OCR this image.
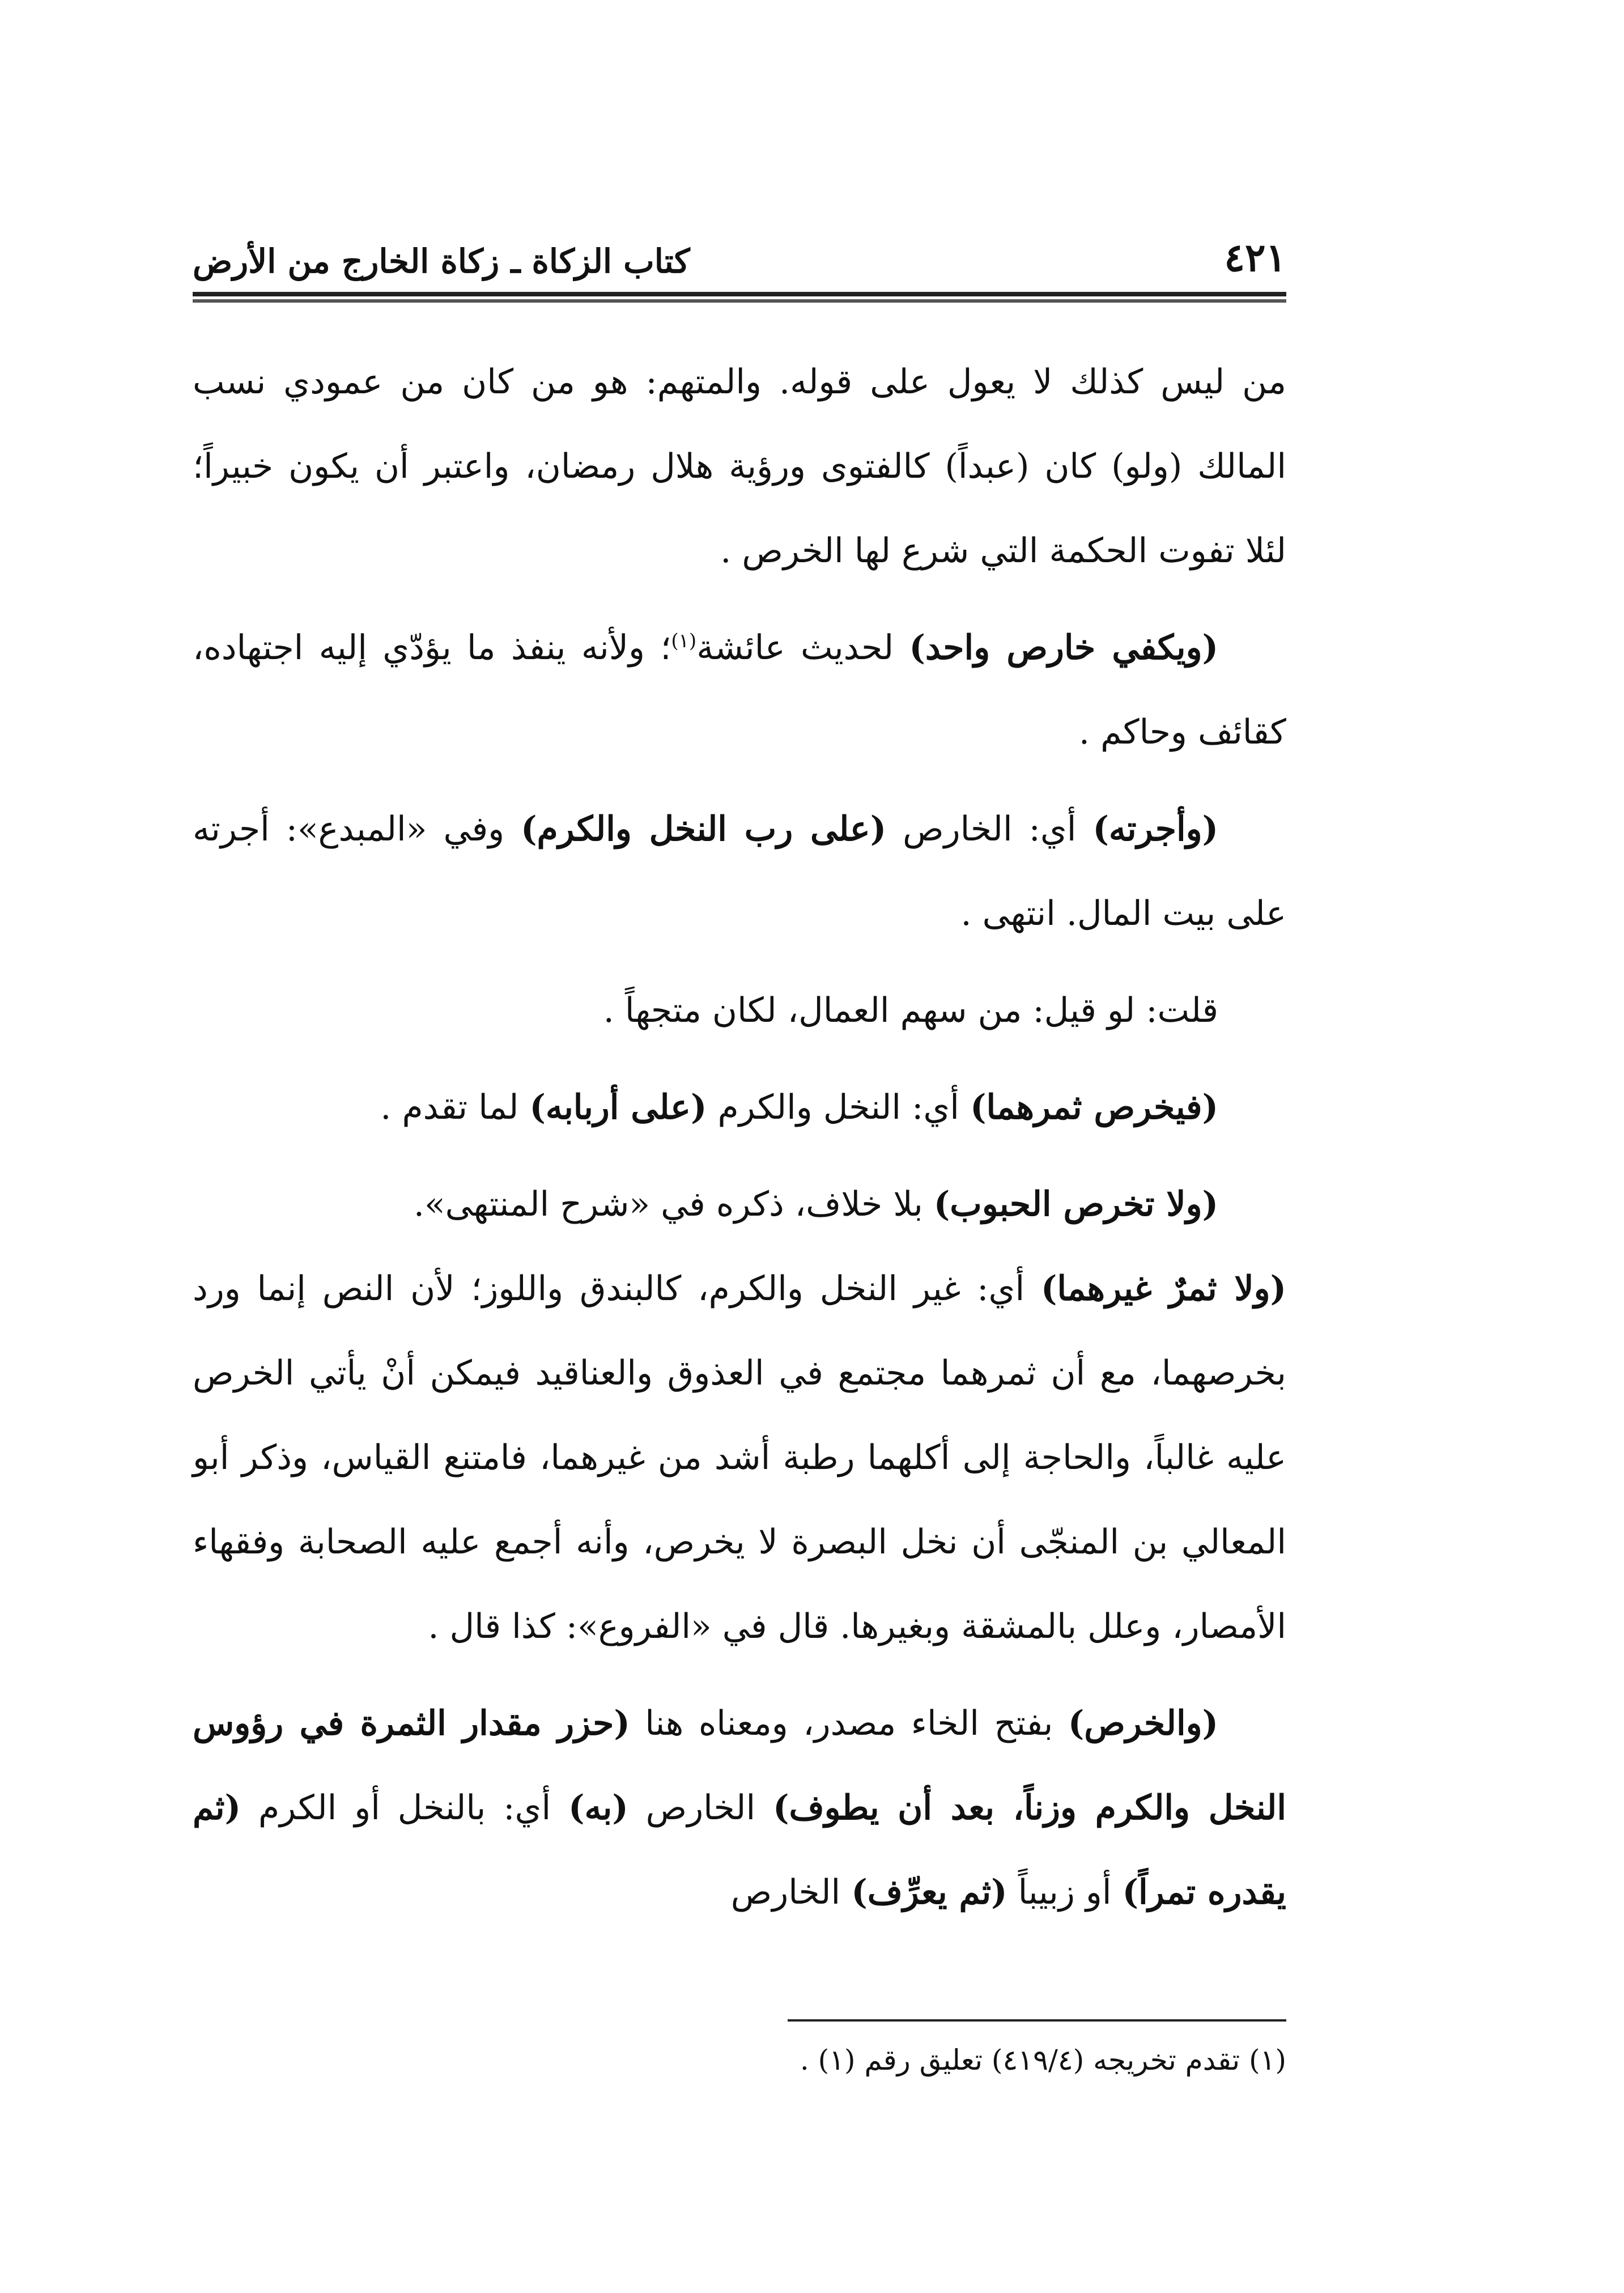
٤٢١
كتاب الزكاة ـ زكاة الخارج من الأرض

من ليس كذلك لا يعول على قوله. والمتهم: هو من كان من عمودي نسب المالك (ولو) كان (عبداً) كالفتوى ورؤية هلال رمضان، واعتبر أن يكون خبيراً؛ لئلا تفوت الحكمة التي شرع لها الخرص .

(ويكفي خارص واحد) لحديث عائشة$^{(١)}$؛ ولأنه ينفذ ما يؤدّي إليه اجتهاده، كقائف وحاكم .

(وأجرته) أي: الخارص (على رب النخل والكرم) وفي «المبدع»: أجرته على بيت المال. انتهى .

قلت: لو قيل: من سهم العمال، لكان متجهاً .

(فيخرص ثمرهما) أي: النخل والكرم (على أربابه) لما تقدم .

(ولا تخرص الحبوب) بلا خلاف، ذكره في «شرح المنتهى».

(ولا ثمرٌ غيرهما) أي: غير النخل والكرم، كالبندق واللوز؛ لأن النص إنما ورد بخرصهما، مع أن ثمرهما مجتمع في العذوق والعناقيد فيمكن أنْ يأتي الخرص عليه غالباً، والحاجة إلى أكلهما رطبة أشد من غيرهما، فامتنع القياس، وذكر أبو المعالي بن المنجّى أن نخل البصرة لا يخرص، وأنه أجمع عليه الصحابة وفقهاء الأمصار، وعلل بالمشقة وبغيرها. قال في «الفروع»: كذا قال .

(والخرص) بفتح الخاء مصدر، ومعناه هنا (حزر مقدار الثمرة في رؤوس النخل والكرم وزناً، بعد أن يطوف) الخارص (به) أي: بالنخل أو الكرم (ثم يقدره تمراً) أو زبيباً (ثم يعرِّف) الخارص

(١) تقدم تخريجه (٤١٩/٤) تعليق رقم (١) .
